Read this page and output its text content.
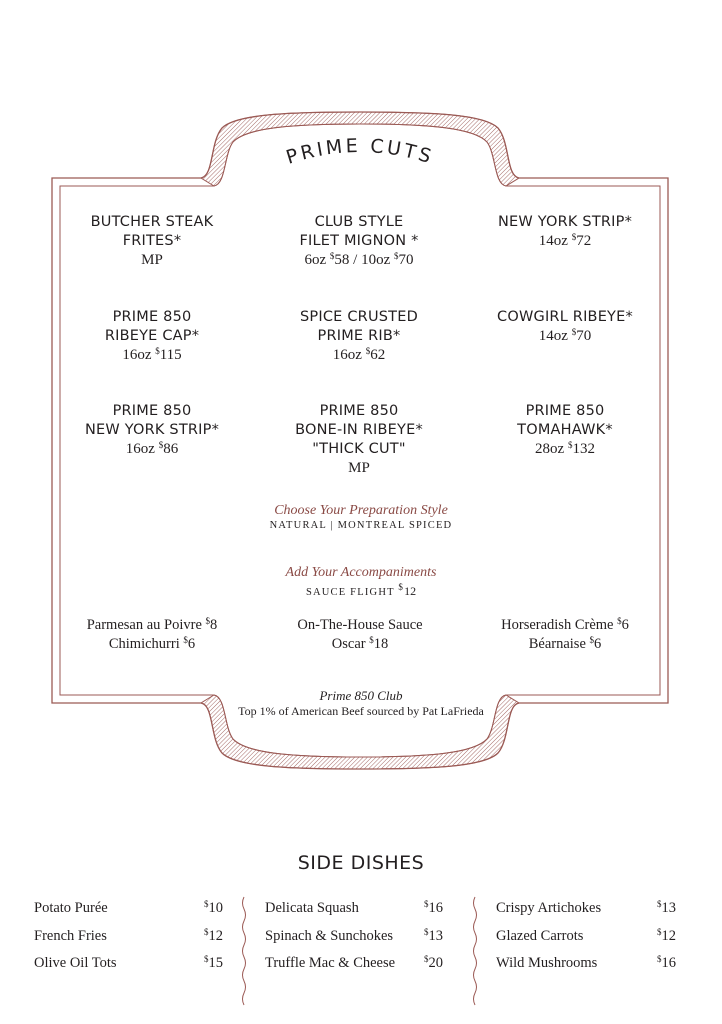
PRIME CUTS
BUTCHER STEAK
FRITES*
MP
CLUB STYLE
FILET MIGNON *
6oz $58 / 10oz $70
NEW YORK STRIP*
14oz $72
PRIME 850
RIBEYE CAP*
16oz $115
SPICE CRUSTED
PRIME RIB*
16oz $62
COWGIRL RIBEYE*
14oz $70
PRIME 850
NEW YORK STRIP*
16oz $86
PRIME 850
BONE-IN RIBEYE*
"THICK CUT"
MP
PRIME 850
TOMAHAWK*
28oz $132
Choose Your Preparation Style
NATURAL | MONTREAL SPICED
Add Your Accompaniments
SAUCE FLIGHT $12
Parmesan au Poivre $8
Chimichurri $6
On-The-House Sauce
Oscar $18
Horseradish Crème $6
Béarnaise $6
Prime 850 Club
Top 1% of American Beef sourced by Pat LaFrieda
SIDE DISHES
Potato Purée	$10
French Fries	$12
Olive Oil Tots	$15
Delicata Squash	$16
Spinach & Sunchokes	$13
Truffle Mac & Cheese	$20
Crispy Artichokes	$13
Glazed Carrots	$12
Wild Mushrooms	$16
